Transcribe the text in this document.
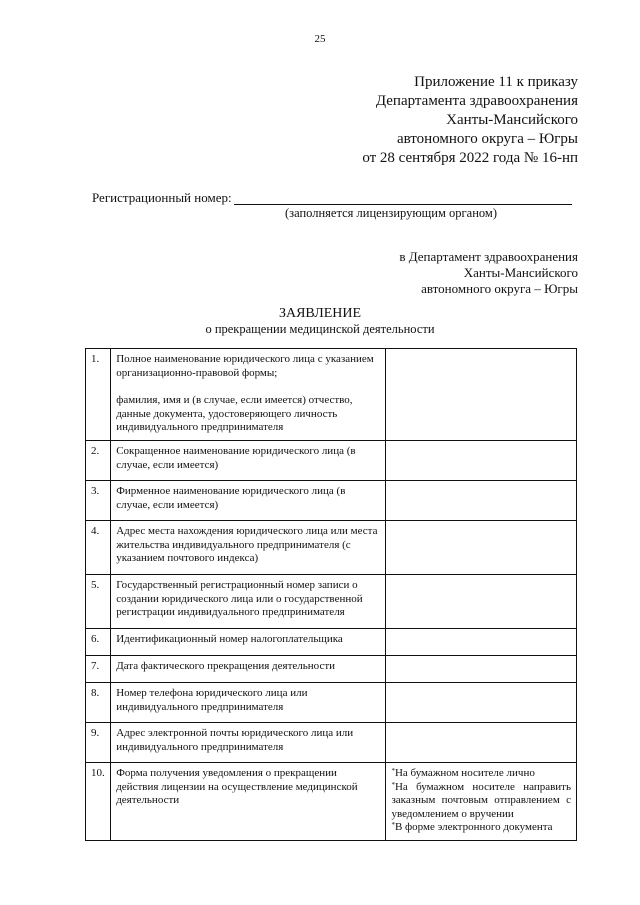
25
Приложение 11 к приказу
Департамента здравоохранения
Ханты-Мансийского
автономного округа – Югры
от 28 сентября 2022 года № 16-нп
Регистрационный номер:
(заполняется лицензирующим органом)
в Департамент здравоохранения
Ханты-Мансийского
автономного округа – Югры
ЗАЯВЛЕНИЕ
о прекращении медицинской деятельности
1.	Полное наименование юридического лица с указанием организационно-правовой формы;
фамилия, имя и (в случае, если имеется) отчество, данные документа, удостоверяющего личность индивидуального предпринимателя	

2.	Сокращенное наименование юридического лица (в случае, если имеется)	
3.	Фирменное наименование юридического лица (в случае, если имеется)	
4.	Адрес места нахождения юридического лица или места жительства индивидуального предпринимателя (с указанием почтового индекса)	
5.	Государственный регистрационный номер записи о создании юридического лица или о государственной регистрации индивидуального предпринимателя	
6.	Идентификационный номер налогоплательщика	
7.	Дата фактического прекращения деятельности	
8.	Номер телефона юридического лица или индивидуального предпринимателя	
9.	Адрес электронной почты юридического лица или индивидуального предпринимателя	
10.	Форма получения уведомления о прекращении действия лицензии на осуществление медицинской деятельности	*На бумажном носителе лично
*На бумажном носителе направить заказным почтовым отправлением с уведомлением о вручении
*В форме электронного документа
